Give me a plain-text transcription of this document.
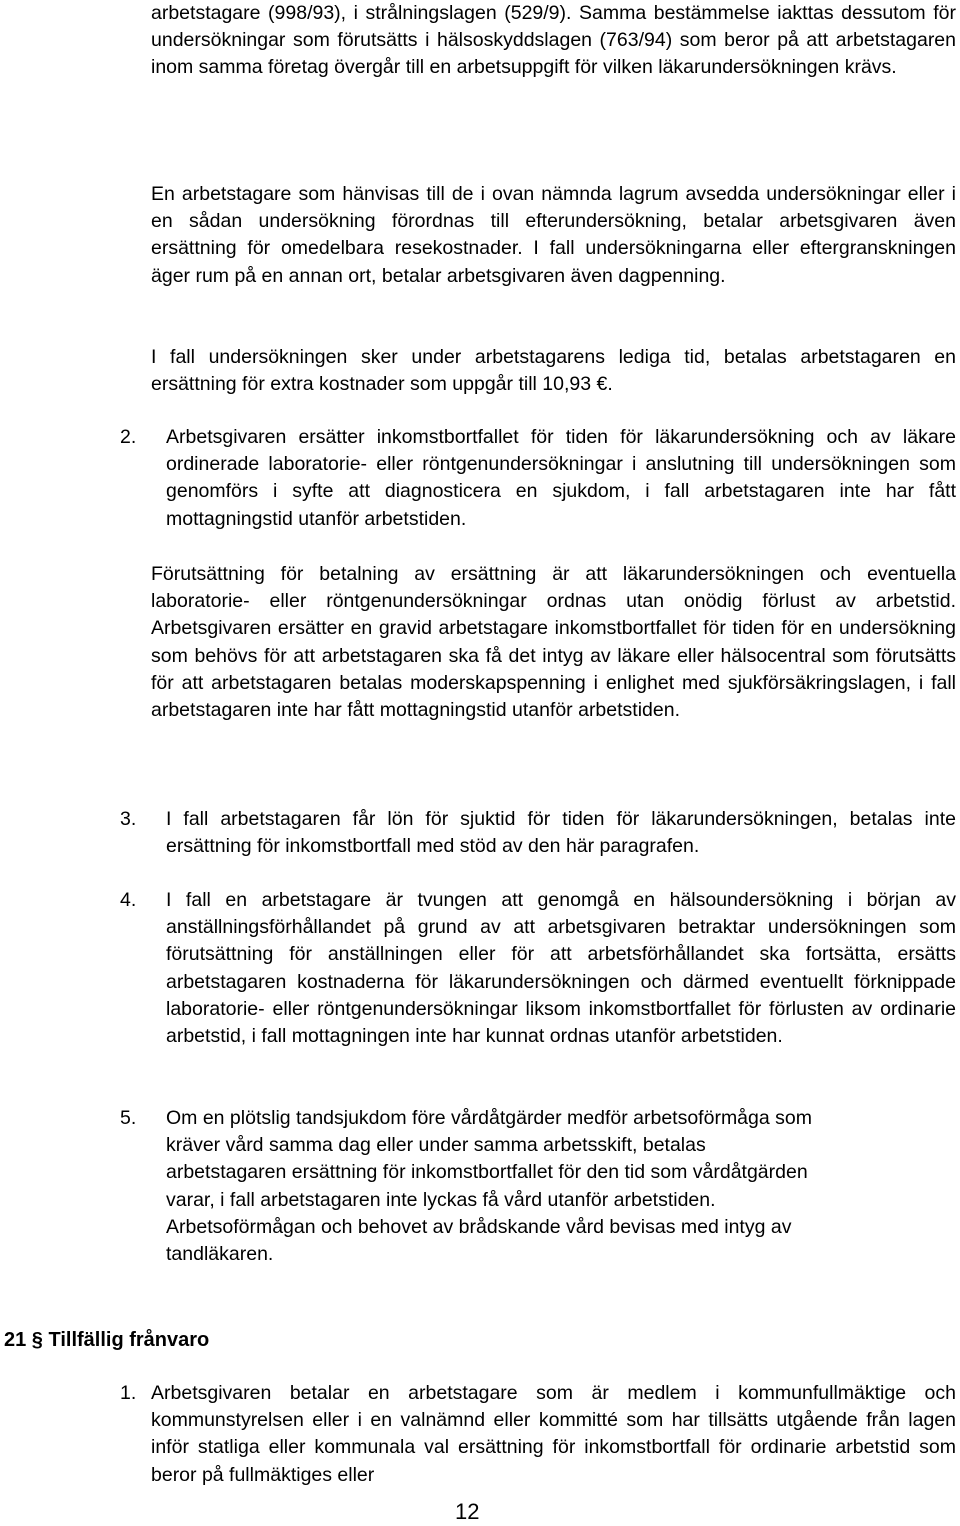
arbetstagare (998/93), i strålningslagen (529/9). Samma bestämmelse iakttas dessutom för undersökningar som förutsätts i hälsoskyddslagen (763/94) som beror på att arbetstagaren inom samma företag övergår till en arbetsuppgift för vilken läkarundersökningen krävs.
En arbetstagare som hänvisas till de i ovan nämnda lagrum avsedda undersökningar eller i en sådan undersökning förordnas till efterundersökning, betalar arbetsgivaren även ersättning för omedelbara resekostnader. I fall undersökningarna eller eftergranskningen äger rum på en annan ort, betalar arbetsgivaren även dagpenning.
I fall undersökningen sker under arbetstagarens lediga tid, betalas arbetstagaren en ersättning för extra kostnader som uppgår till 10,93 €.
2.	Arbetsgivaren ersätter inkomstbortfallet för tiden för läkarundersökning och av läkare ordinerade laboratorie- eller röntgenundersökningar i anslutning till undersökningen som genomförs i syfte att diagnosticera en sjukdom, i fall arbetstagaren inte har fått mottagningstid utanför arbetstiden.
Förutsättning för betalning av ersättning är att läkarundersökningen och eventuella laboratorie- eller röntgenundersökningar ordnas utan onödig förlust av arbetstid. Arbetsgivaren ersätter en gravid arbetstagare inkomstbortfallet för tiden för en undersökning som behövs för att arbetstagaren ska få det intyg av läkare eller hälsocentral som förutsätts för att arbetstagaren betalas moderskapspenning i enlighet med sjukförsäkringslagen, i fall arbetstagaren inte har fått mottagningstid utanför arbetstiden.
3.	I fall arbetstagaren får lön för sjuktid för tiden för läkarundersökningen, betalas inte ersättning för inkomstbortfall med stöd av den här paragrafen.
4.	I fall en arbetstagare är tvungen att genomgå en hälsoundersökning i början av anställningsförhållandet på grund av att arbetsgivaren betraktar undersökningen som förutsättning för anställningen eller för att arbetsförhållandet ska fortsätta, ersätts arbetstagaren kostnaderna för läkarundersökningen och därmed eventuellt förknippade laboratorie- eller röntgenundersökningar liksom inkomstbortfallet för förlusten av ordinarie arbetstid, i fall mottagningen inte har kunnat ordnas utanför arbetstiden.
5.	Om en plötslig tandsjukdom före vårdåtgärder medför arbetsoförmåga som
kräver vård samma dag eller under samma arbetsskift, betalas
arbetstagaren ersättning för inkomstbortfallet för den tid som vårdåtgärden
varar, i fall arbetstagaren inte lyckas få vård utanför arbetstiden.
Arbetsoförmågan och behovet av brådskande vård bevisas med intyg av
tandläkaren.
21 § Tillfällig frånvaro
1. Arbetsgivaren betalar en arbetstagare som är medlem i kommunfullmäktige och kommunstyrelsen eller i en valnämnd eller kommitté som har tillsätts utgående från lagen inför statliga eller kommunala val ersättning för inkomstbortfall för ordinarie arbetstid som beror på fullmäktiges eller
12
